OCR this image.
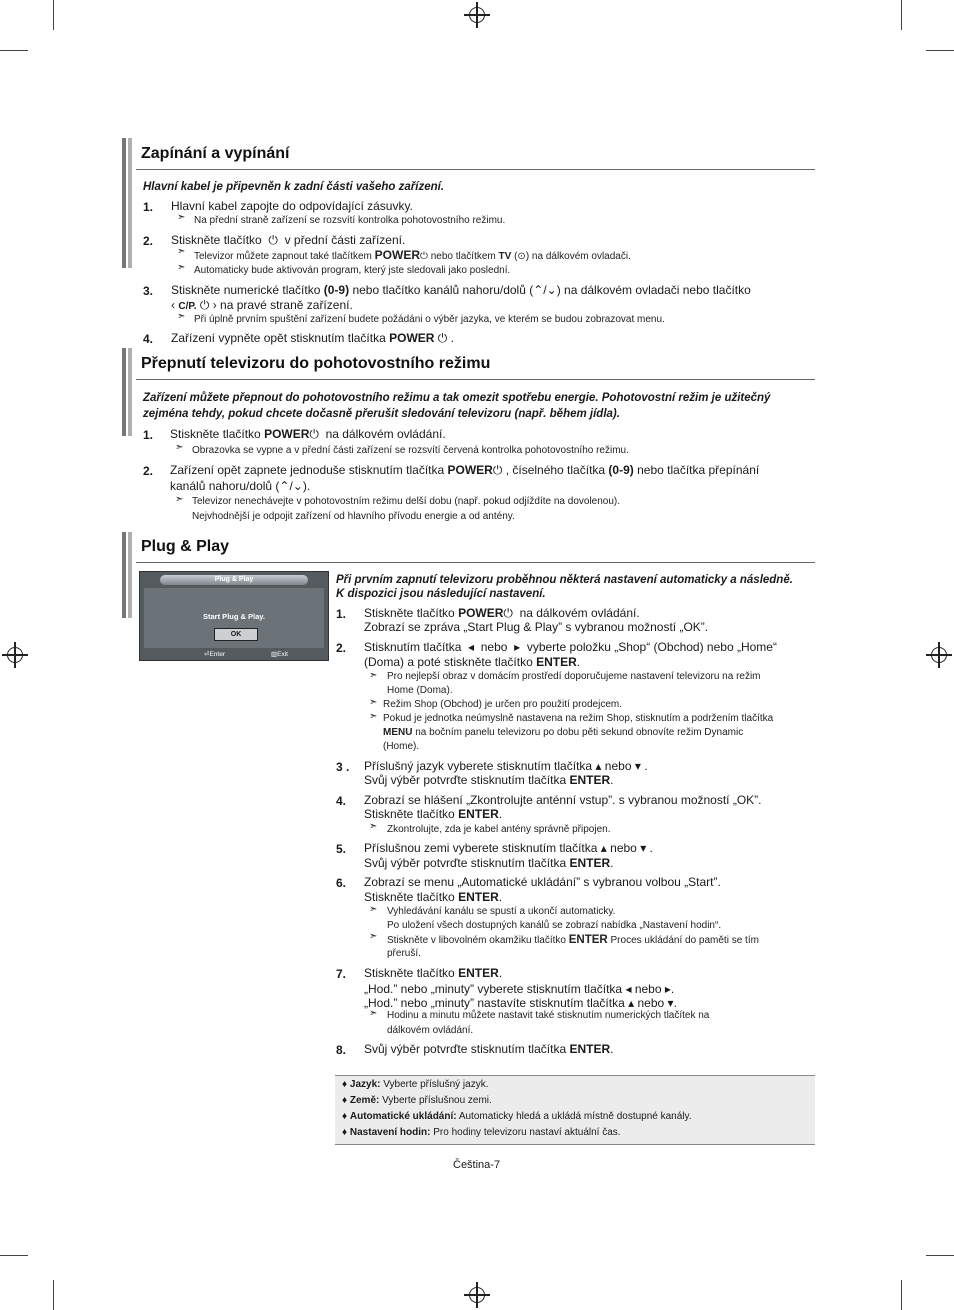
Zapínání a vypínání
Hlavní kabel je připevněn k zadní části vašeho zařízení.
1. Hlavní kabel zapojte do odpovídající zásuvky.
➣ Na přední straně zařízení se rozsvítí kontrolka pohotovostního režimu.
2. Stiskněte tlačítko  ⏻  v přední části zařízení.
➣ Televizor můžete zapnout také tlačítkem POWER⏻ nebo tlačítkem TV (⊙) na dálkovém ovladači.
➣ Automaticky bude aktivován program, který jste sledovali jako poslední.
3. Stiskněte numerické tlačítko (0-9) nebo tlačítko kanálů nahoru/dolů (⌃/⌄) na dálkovém ovladači nebo tlačítko
‹ C/P. ⏻ › na pravé straně zařízení.
➣ Při úplně prvním spuštění zařízení budete požádáni o výběr jazyka, ve kterém se budou zobrazovat menu.
4. Zařízení vypněte opět stisknutím tlačítka POWER ⏻ .
Přepnutí televizoru do pohotovostního režimu
Zařízení můžete přepnout do pohotovostního režimu a tak omezit spotřebu energie. Pohotovostní režim je užitečný
zejména tehdy, pokud chcete dočasně přerušit sledování televizoru (např. během jídla).
1. Stiskněte tlačítko POWER⏻ na dálkovém ovládání.
➣ Obrazovka se vypne a v přední části zařízení se rozsvítí červená kontrolka pohotovostního režimu.
2. Zařízení opět zapnete jednoduše stisknutím tlačítka POWER⏻ , číselného tlačítka (0-9) nebo tlačítka přepínání
kanálů nahoru/dolů (⌃/⌄).
➣ Televizor nenechávejte v pohotovostním režimu delší dobu (např. pokud odjíždíte na dovolenou).
Nejvhodnější je odpojit zařízení od hlavního přívodu energie a od antény.
Plug & Play
Plug & Play
Start Plug & Play.
OK
⏎Enter	▥Exit
Při prvním zapnutí televizoru proběhnou některá nastavení automaticky a následně.
K dispozici jsou následující nastavení.
1. Stiskněte tlačítko POWER⏻ na dálkovém ovládání.
Zobrazí se zpráva „Start Plug & Play” s vybranou možností „OK”.
2. Stisknutím tlačítka ◂ nebo ▸ vyberte položku „Shop“ (Obchod) nebo „Home“
(Doma) a poté stiskněte tlačítko ENTER.
➣ Pro nejlepší obraz v domácím prostředí doporučujeme nastavení televizoru na režim
Home (Doma).
➣ Režim Shop (Obchod) je určen pro použití prodejcem.
➣ Pokud je jednotka neúmyslně nastavena na režim Shop, stisknutím a podržením tlačítka
MENU na bočním panelu televizoru po dobu pěti sekund obnovíte režim Dynamic
(Home).
3 . Příslušný jazyk vyberete stisknutím tlačítka ▴ nebo ▾ .
Svůj výběr potvrďte stisknutím tlačítka ENTER.
4. Zobrazí se hlášení „Zkontrolujte anténní vstup”. s vybranou možností „OK”.
Stiskněte tlačítko ENTER.
➣ Zkontrolujte, zda je kabel antény správně připojen.
5. Příslušnou zemi vyberete stisknutím tlačítka ▴ nebo ▾ .
Svůj výběr potvrďte stisknutím tlačítka ENTER.
6. Zobrazí se menu „Automatické ukládání” s vybranou volbou „Start”.
Stiskněte tlačítko ENTER.
➣ Vyhledávání kanálu se spustí a ukončí automaticky.
Po uložení všech dostupných kanálů se zobrazí nabídka „Nastavení hodin“.
➣ Stiskněte v libovolném okamžiku tlačítko ENTER Proces ukládání do paměti se tím
přeruší.
7. Stiskněte tlačítko ENTER.
„Hod.” nebo „minuty” vyberete stisknutím tlačítka ◂ nebo ▸.
„Hod.” nebo „minuty” nastavíte stisknutím tlačítka ▴ nebo ▾.
➣ Hodinu a minutu můžete nastavit také stisknutím numerických tlačítek na
dálkovém ovládání.
8. Svůj výběr potvrďte stisknutím tlačítka ENTER.
♦ Jazyk: Vyberte příslušný jazyk.
♦ Země: Vyberte příslušnou zemi.
♦ Automatické ukládání: Automaticky hledá a ukládá místně dostupné kanály.
♦ Nastavení hodin: Pro hodiny televizoru nastaví aktuální čas.
Čeština-7
